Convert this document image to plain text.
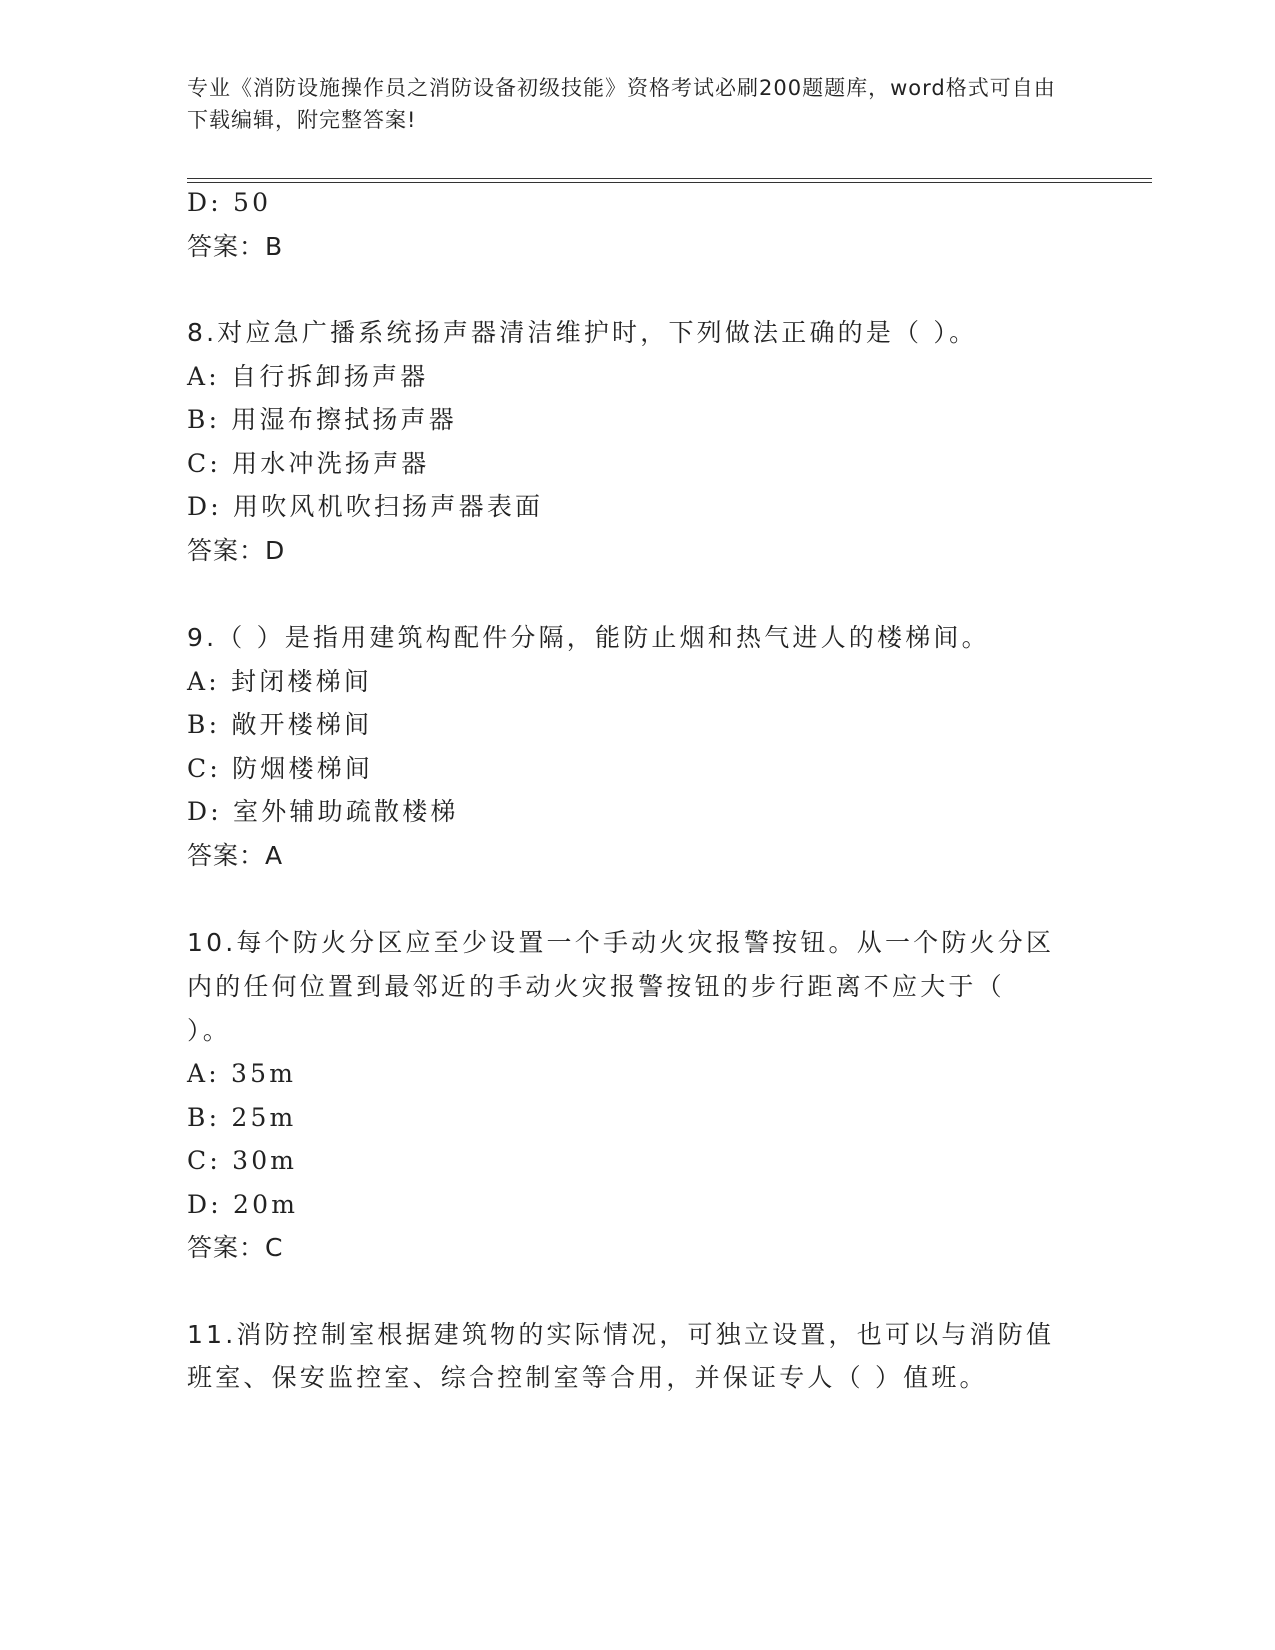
专业《消防设施操作员之消防设备初级技能》资格考试必刷200题题库，word格式可自由下载编辑，附完整答案!
D: 50
答案：B
8.对应急广播系统扬声器清洁维护时，下列做法正确的是（ ）。
A: 自行拆卸扬声器
B: 用湿布擦拭扬声器
C: 用水冲洗扬声器
D: 用吹风机吹扫扬声器表面
答案：D
9.（ ）是指用建筑构配件分隔，能防止烟和热气进人的楼梯间。
A: 封闭楼梯间
B: 敞开楼梯间
C: 防烟楼梯间
D: 室外辅助疏散楼梯
答案：A
10.每个防火分区应至少设置一个手动火灾报警按钮。从一个防火分区
内的任何位置到最邻近的手动火灾报警按钮的步行距离不应大于（
）。
A: 35m
B: 25m
C: 30m
D: 20m
答案：C
11.消防控制室根据建筑物的实际情况，可独立设置，也可以与消防值
班室、保安监控室、综合控制室等合用，并保证专人（ ）值班。
